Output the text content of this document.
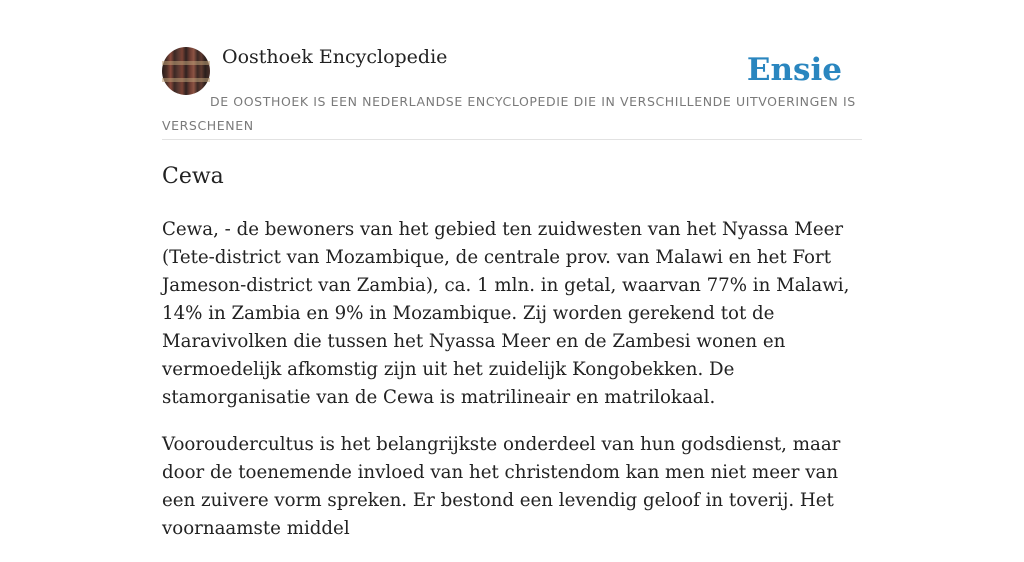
Oosthoek Encyclopedie	Ensie
DE OOSTHOEK IS EEN NEDERLANDSE ENCYCLOPEDIE DIE IN VERSCHILLENDE UITVOERINGEN IS VERSCHENEN
Cewa

Cewa, - de bewoners van het gebied ten zuidwesten van het Nyassa Meer (Tete-district van Mozambique, de centrale prov. van Malawi en het Fort Jameson-district van Zambia), ca. 1 mln. in getal, waarvan 77% in Malawi, 14% in Zambia en 9% in Mozambique. Zij worden gerekend tot de Maravivolken die tussen het Nyassa Meer en de Zambesi wonen en vermoedelijk afkomstig zijn uit het zuidelijk Kongobekken. De stamorganisatie van de Cewa is matrilineair en matrilokaal.

Vooroudercultus is het belangrijkste onderdeel van hun godsdienst, maar door de toenemende invloed van het christendom kan men niet meer van een zuivere vorm spreken. Er bestond een levendig geloof in toverij. Het voornaamste middel
